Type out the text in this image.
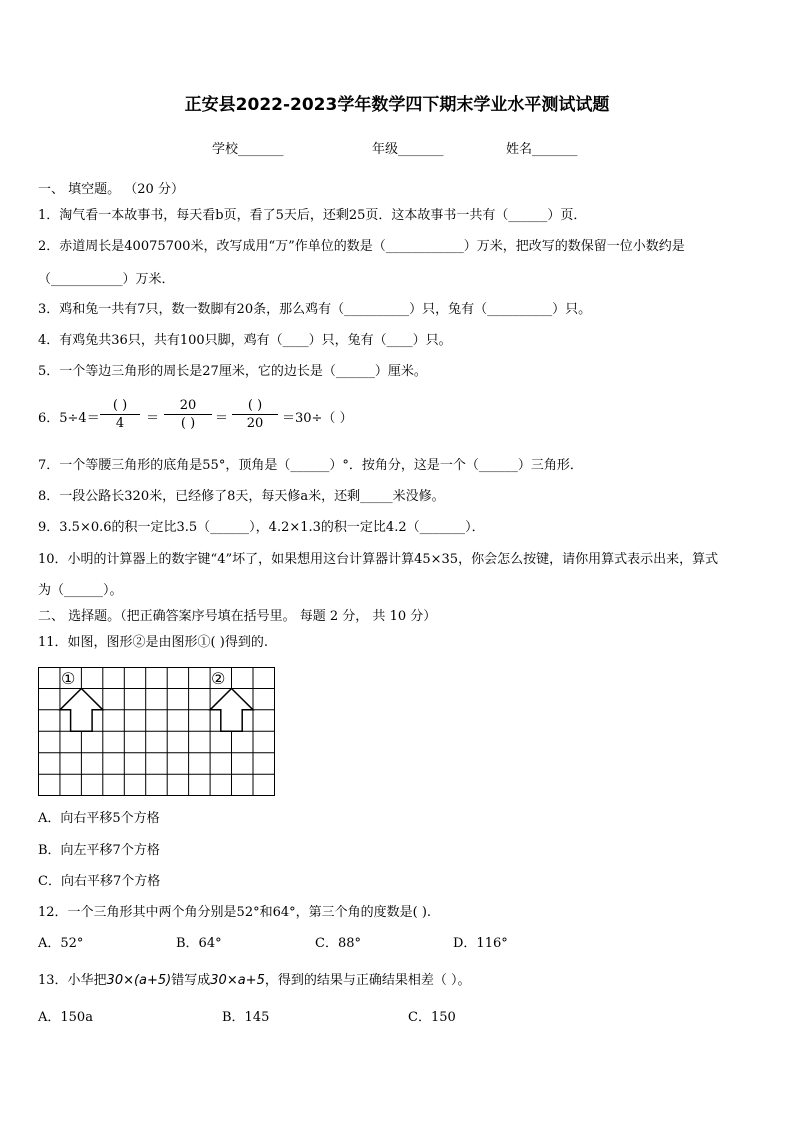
正安县2022-2023学年数学四下期末学业水平测试试题
学校_______	年级_______	姓名_______
一、 填空题。 （20 分）
1．淘气看一本故事书，每天看b页，看了5天后，还剩25页．这本故事书一共有（______）页．
2．赤道周长是40075700米，改写成用“万”作单位的数是（____________）万米，把改写的数保留一位小数约是
（___________）万米．
3．鸡和兔一共有7只，数一数脚有20条，那么鸡有（__________）只，兔有（__________）只。
4．有鸡兔共36只，共有100只脚，鸡有（____）只，兔有（____）只。
5．一个等边三角形的周长是27厘米，它的边长是（______）厘米。
6．5÷4＝
( )
4	＝
20
( )	＝
( )
20	＝30÷（ ）
7．一个等腰三角形的底角是55°，顶角是（______）°．按角分，这是一个（______）三角形．
8．一段公路长320米，已经修了8天，每天修a米，还剩_____米没修。
9．3.5×0.6的积一定比3.5（______），4.2×1.3的积一定比4.2（_______）．
10．小明的计算器上的数字键“4”坏了，如果想用这台计算器计算45×35，你会怎么按键，请你用算式表示出来，算式
为（______）。
二、 选择题。（把正确答案序号填在括号里。 每题 2 分， 共 10 分）
11．如图，图形②是由图形①( )得到的.
①	②
A．向右平移5个方格
B．向左平移7个方格
C．向右平移7个方格
12．一个三角形其中两个角分别是52°和64°，第三个角的度数是( ).
A．52°	B．64°	C．88°	D．116°
13．小华把30×(a+5)错写成30×a+5，得到的结果与正确结果相差（ ）。
A．150a	B．145	C．150
